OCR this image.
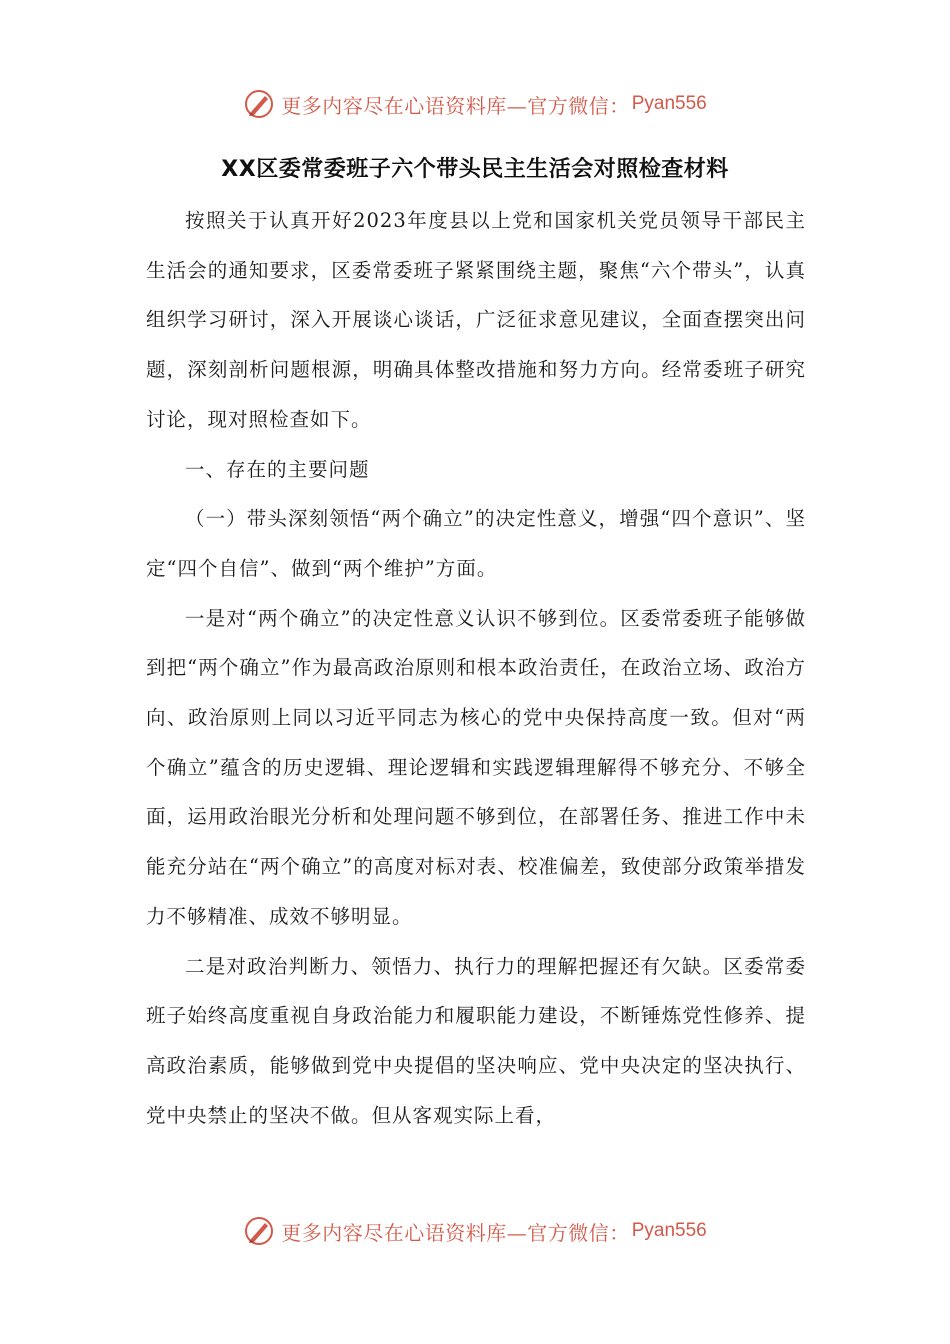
更多内容尽在心语资料库—官方微信： Pyan556
XX区委常委班子六个带头民主生活会对照检查材料

按照关于认真开好2023年度县以上党和国家机关党员领导干部民主生活会的通知要求，区委常委班子紧紧围绕主题，聚焦“六个带头”，认真组织学习研讨，深入开展谈心谈话，广泛征求意见建议，全面查摆突出问题，深刻剖析问题根源，明确具体整改措施和努力方向。经常委班子研究讨论，现对照检查如下。

一、存在的主要问题

（一）带头深刻领悟“两个确立”的决定性意义，增强“四个意识”、坚定“四个自信”、做到“两个维护”方面。

一是对“两个确立”的决定性意义认识不够到位。区委常委班子能够做到把“两个确立”作为最高政治原则和根本政治责任，在政治立场、政治方向、政治原则上同以习近平同志为核心的党中央保持高度一致。但对“两个确立”蕴含的历史逻辑、理论逻辑和实践逻辑理解得不够充分、不够全面，运用政治眼光分析和处理问题不够到位，在部署任务、推进工作中未能充分站在“两个确立”的高度对标对表、校准偏差，致使部分政策举措发力不够精准、成效不够明显。

二是对政治判断力、领悟力、执行力的理解把握还有欠缺。区委常委班子始终高度重视自身政治能力和履职能力建设，不断锤炼党性修养、提高政治素质，能够做到党中央提倡的坚决响应、党中央决定的坚决执行、党中央禁止的坚决不做。但从客观实际上看，

更多内容尽在心语资料库—官方微信： Pyan556
